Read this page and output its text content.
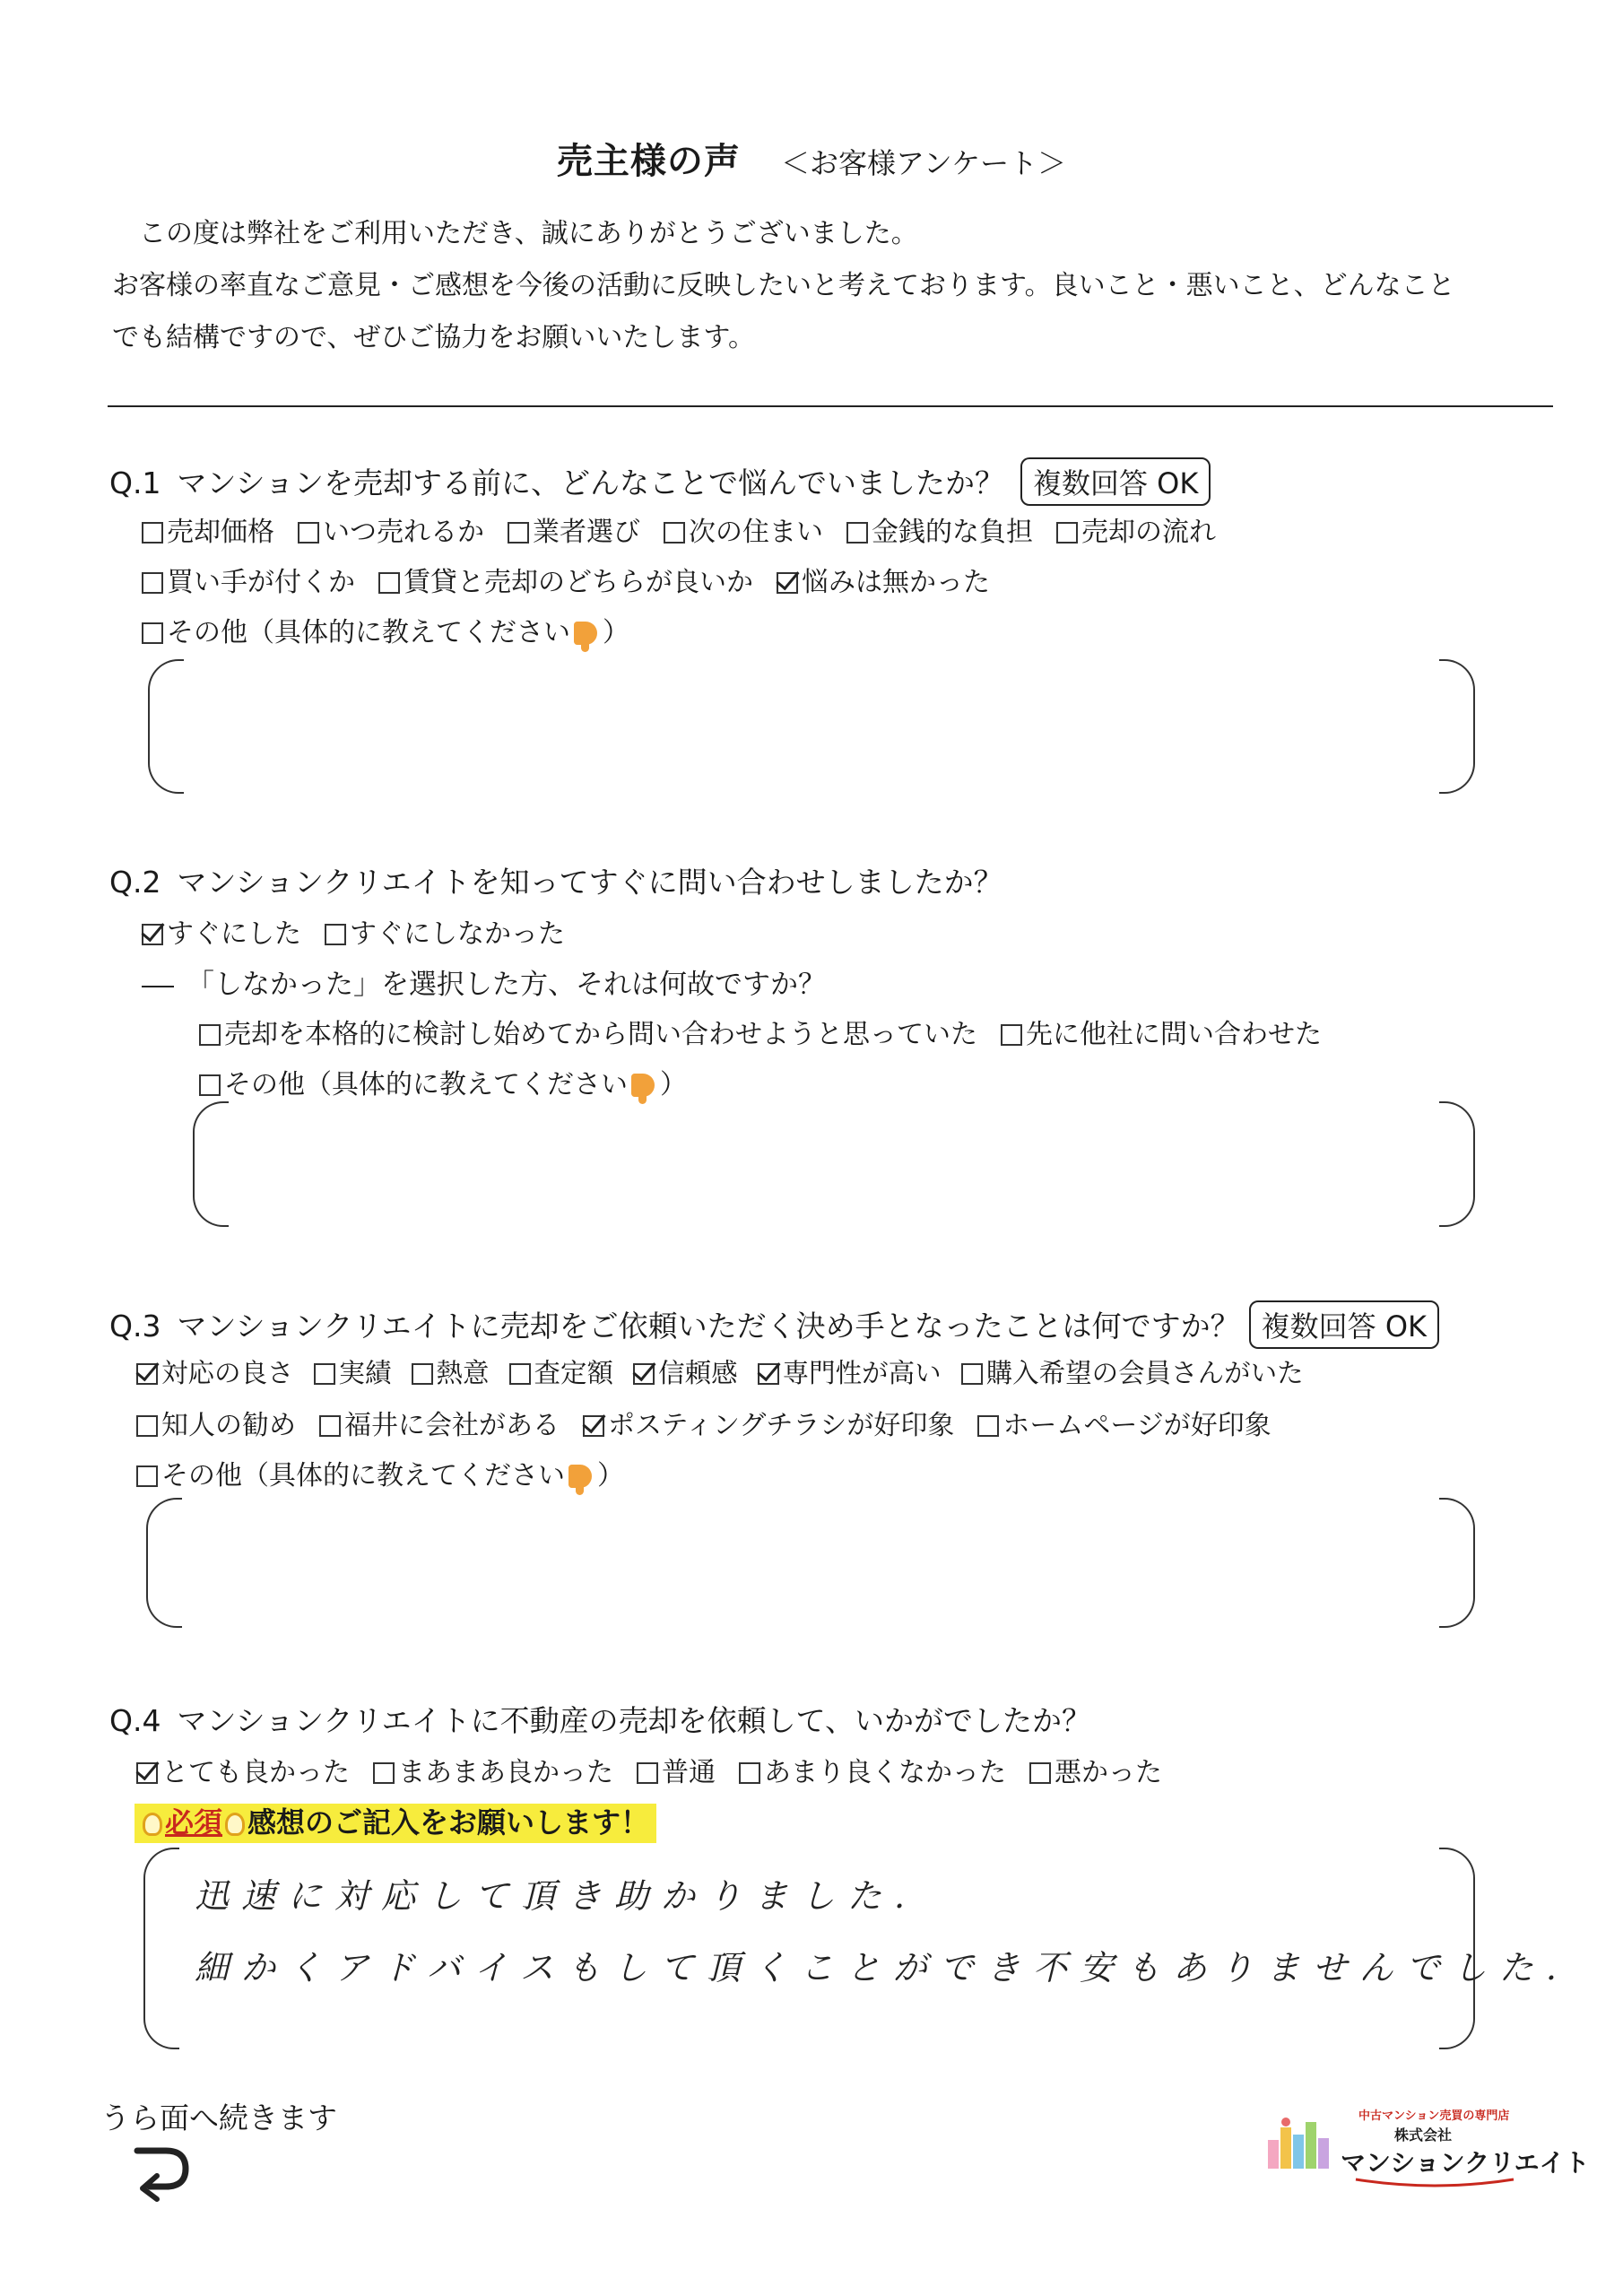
売主様の声 ＜お客様アンケート＞
この度は弊社をご利用いただき、誠にありがとうございました。
お客様の率直なご意見・ご感想を今後の活動に反映したいと考えております。良いこと・悪いこと、どんなこと
でも結構ですので、ぜひご協力をお願いいたします。
Q.1 マンションを売却する前に、どんなことで悩んでいましたか？ 複数回答 OK
売却価格 いつ売れるか 業者選び 次の住まい 金銭的な負担 売却の流れ
買い手が付くか 賃貸と売却のどちらが良いか 悩みは無かった
その他（具体的に教えてください ）
Q.2 マンションクリエイトを知ってすぐに問い合わせしましたか？
すぐにした すぐにしなかった
「しなかった」を選択した方、それは何故ですか？
売却を本格的に検討し始めてから問い合わせようと思っていた 先に他社に問い合わせた
その他（具体的に教えてください ）
Q.3 マンションクリエイトに売却をご依頼いただく決め手となったことは何ですか？ 複数回答 OK
対応の良さ 実績 熱意 査定額 信頼感 専門性が高い 購入希望の会員さんがいた
知人の勧め 福井に会社がある ポスティングチラシが好印象 ホームページが好印象
その他（具体的に教えてください ）
Q.4 マンションクリエイトに不動産の売却を依頼して、いかがでしたか？
とても良かった まあまあ良かった 普通 あまり良くなかった 悪かった
必須 感想のご記入をお願いします！
迅速に対応して頂き助かりました.
細かくアドバイスもして頂くことができ不安もありませんでした.
うら面へ続きます	中古マンション売買の専門店
株式会社
マンションクリエイト
